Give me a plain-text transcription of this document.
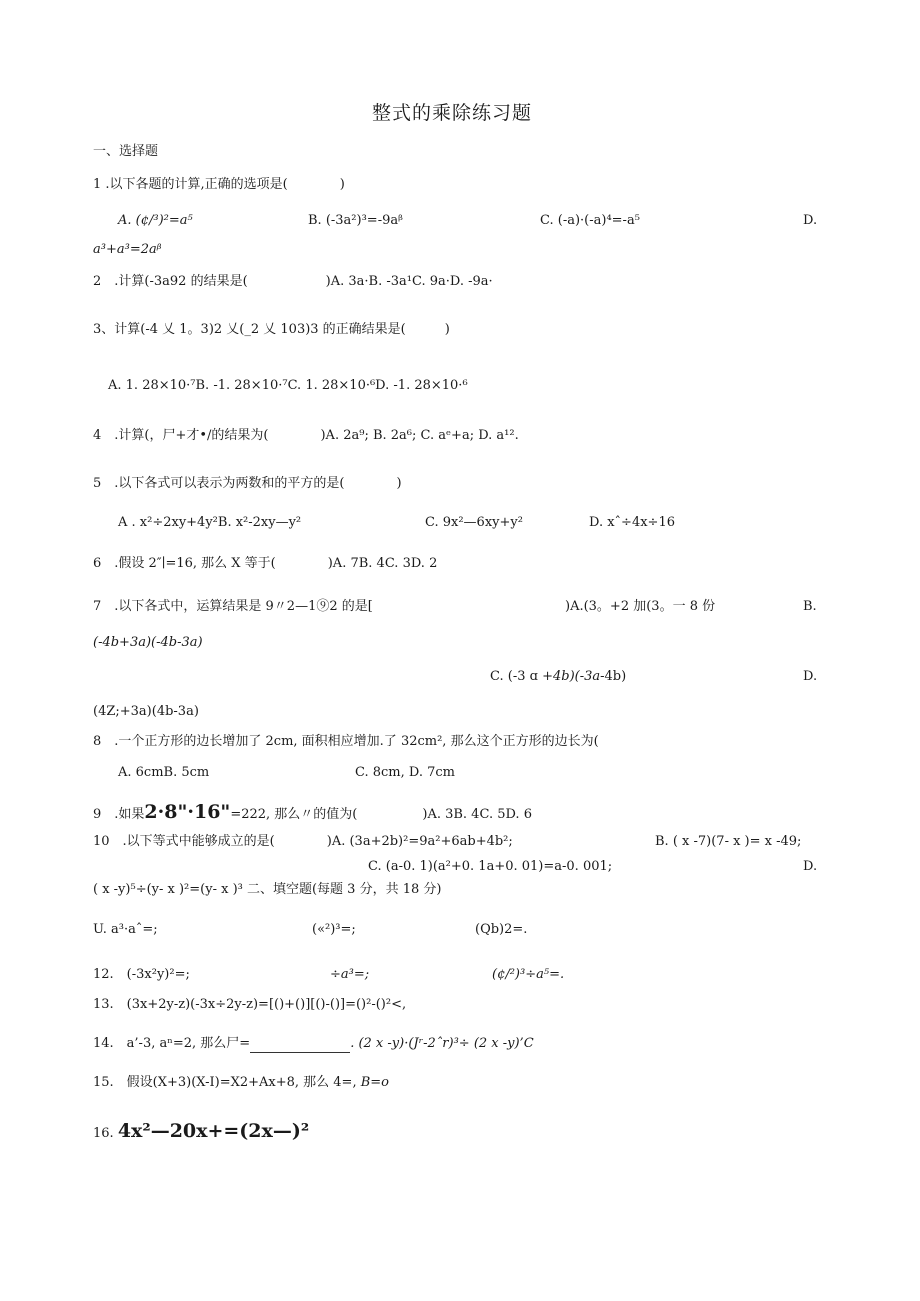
整式的乘除练习题
一、选择题
1 .以下各题的计算,正确的选项是(　　　　)
A. (¢/³)²=a⁵	B. (-3a²)³=-9aᵝ	C. (-a)·(-a)⁴=-a⁵	D.
a³+a³=2aᵝ
2　.计算(-3a92 的结果是(　　　　　　)A. 3a·B. -3a¹C. 9a·D. -9a·
3、计算(-4 乂 1。3)2 乂(_2 乂 103)3 的正确结果是(　　　)
A. 1. 28×10·⁷B. -1. 28×10·⁷C. 1. 28×10·⁶D. -1. 28×10·⁶
4　.计算(，尸+才•/的结果为(　　　　)A. 2a⁹; B. 2a⁶; C. aᵉ+a; D. a¹².
5　.以下各式可以表示为两数和的平方的是(　　　　)
A . x²÷2xy+4y²B. x²-2xy—y²	C. 9x²—6xy+y²	D. xˆ÷4x÷16
6　.假设 2″∣=16, 那么 X 等于(　　　　)A. 7B. 4C. 3D. 2
7　.以下各式中，运算结果是 9〃2—1⑨2 的是[	)A.(3。+2 加(3。一 8 份	B.
(-4b+3a)(-4b-3a)
C. (-3 ɑ +4b)(-3a-4b)	D.
(4Z;+3a)(4b-3a)
8　.一个正方形的边长增加了 2cm, 面积相应增加.了 32cm², 那么这个正方形的边长为(
A. 6cmB. 5cm	C. 8cm, D. 7cm
9　.如果2·8"·16"=222, 那么〃的值为(　　　　　)A. 3B. 4C. 5D. 6
10　.以下等式中能够成立的是(　　　　)A. (3a+2b)²=9a²+6ab+4b²;	B. ( x -7)(7- x )= x -49;
C. (a-0. 1)(a²+0. 1a+0. 01)=a-0. 001;	D.
( x -y)⁵÷(y- x )²=(y- x )³ 二、填空题(每题 3 分，共 18 分)
U. a³·aˆ=;	(«²)³=;	(Qb)2=.
12.　(-3x²y)²=;	÷a³=;	(¢/²)³÷a⁵=.
13.　(3x+2y-z)(-3x÷2y-z)=[()+()][()-()]=()²-()²<,
14.　a’-3, aⁿ=2, 那么尸=	. (2 x -y)·(Jʳ-2ˆr)³÷ (2 x -y)’C
15.　假设(X+3)(X-I)=X2+Ax+8, 那么 4=, B=o
16. 4x²—20x+=(2x—)²
